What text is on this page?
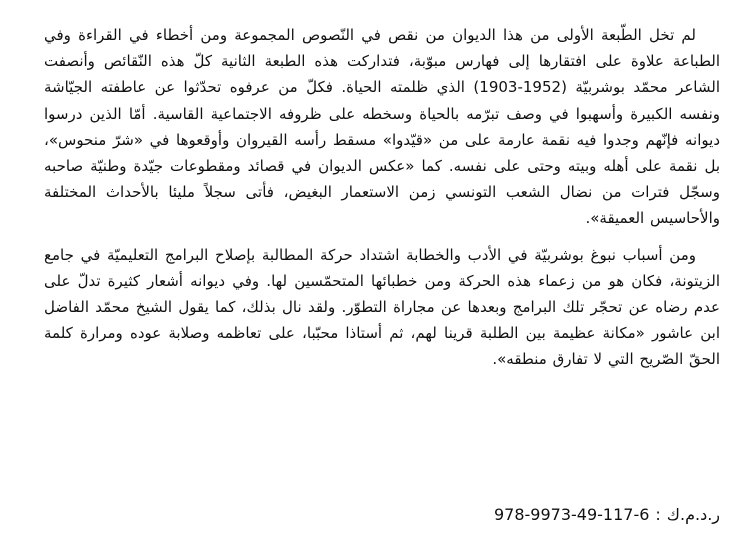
لم تخل الطّبعة الأولى من هذا الديوان من نقص في النّصوص المجموعة ومن أخطاء في القراءة وفي الطباعة علاوة على افتقارها إلى فهارس مبوّبة، فتداركت هذه الطبعة الثانية كلّ هذه النّقائص وأنصفت الشاعر محمّد بوشربيّة (1952-1903) الذي ظلمته الحياة. فكلّ من عرفوه تحدّثوا عن عاطفته الجيّاشة ونفسه الكبيرة وأسهبوا في وصف تبرّمه بالحياة وسخطه على ظروفه الاجتماعية القاسية. أمّا الذين درسوا ديوانه فإنّهم وجدوا فيه نقمة عارمة على من «قيّدوا» مسقط رأسه القيروان وأوقعوها في «شرّ منحوس»، بل نقمة على أهله وبيته وحتى على نفسه. كما «عكس الديوان في قصائد ومقطوعات جيّدة وطنيّة صاحبه وسجّل فترات من نضال الشعب التونسي زمن الاستعمار البغيض، فأتى سجلاً مليئا بالأحداث المختلفة والأحاسيس العميقة».

ومن أسباب نبوغ بوشربيّة في الأدب والخطابة اشتداد حركة المطالبة بإصلاح البرامج التعليميّة في جامع الزيتونة، فكان هو من زعماء هذه الحركة ومن خطبائها المتحمّسين لها. وفي ديوانه أشعار كثيرة تدلّ على عدم رضاه عن تحجّر تلك البرامج وبعدها عن مجاراة التطوّر. ولقد نال بذلك، كما يقول الشيخ محمّد الفاضل ابن عاشور «مكانة عظيمة بين الطلبة قرينا لهم، ثم أستاذا محبّبا، على تعاظمه وصلابة عوده ومرارة كلمة الحقّ الصّريح التي لا تفارق منطقه».

ر.د.م.ك:978-9973-49-117-6
